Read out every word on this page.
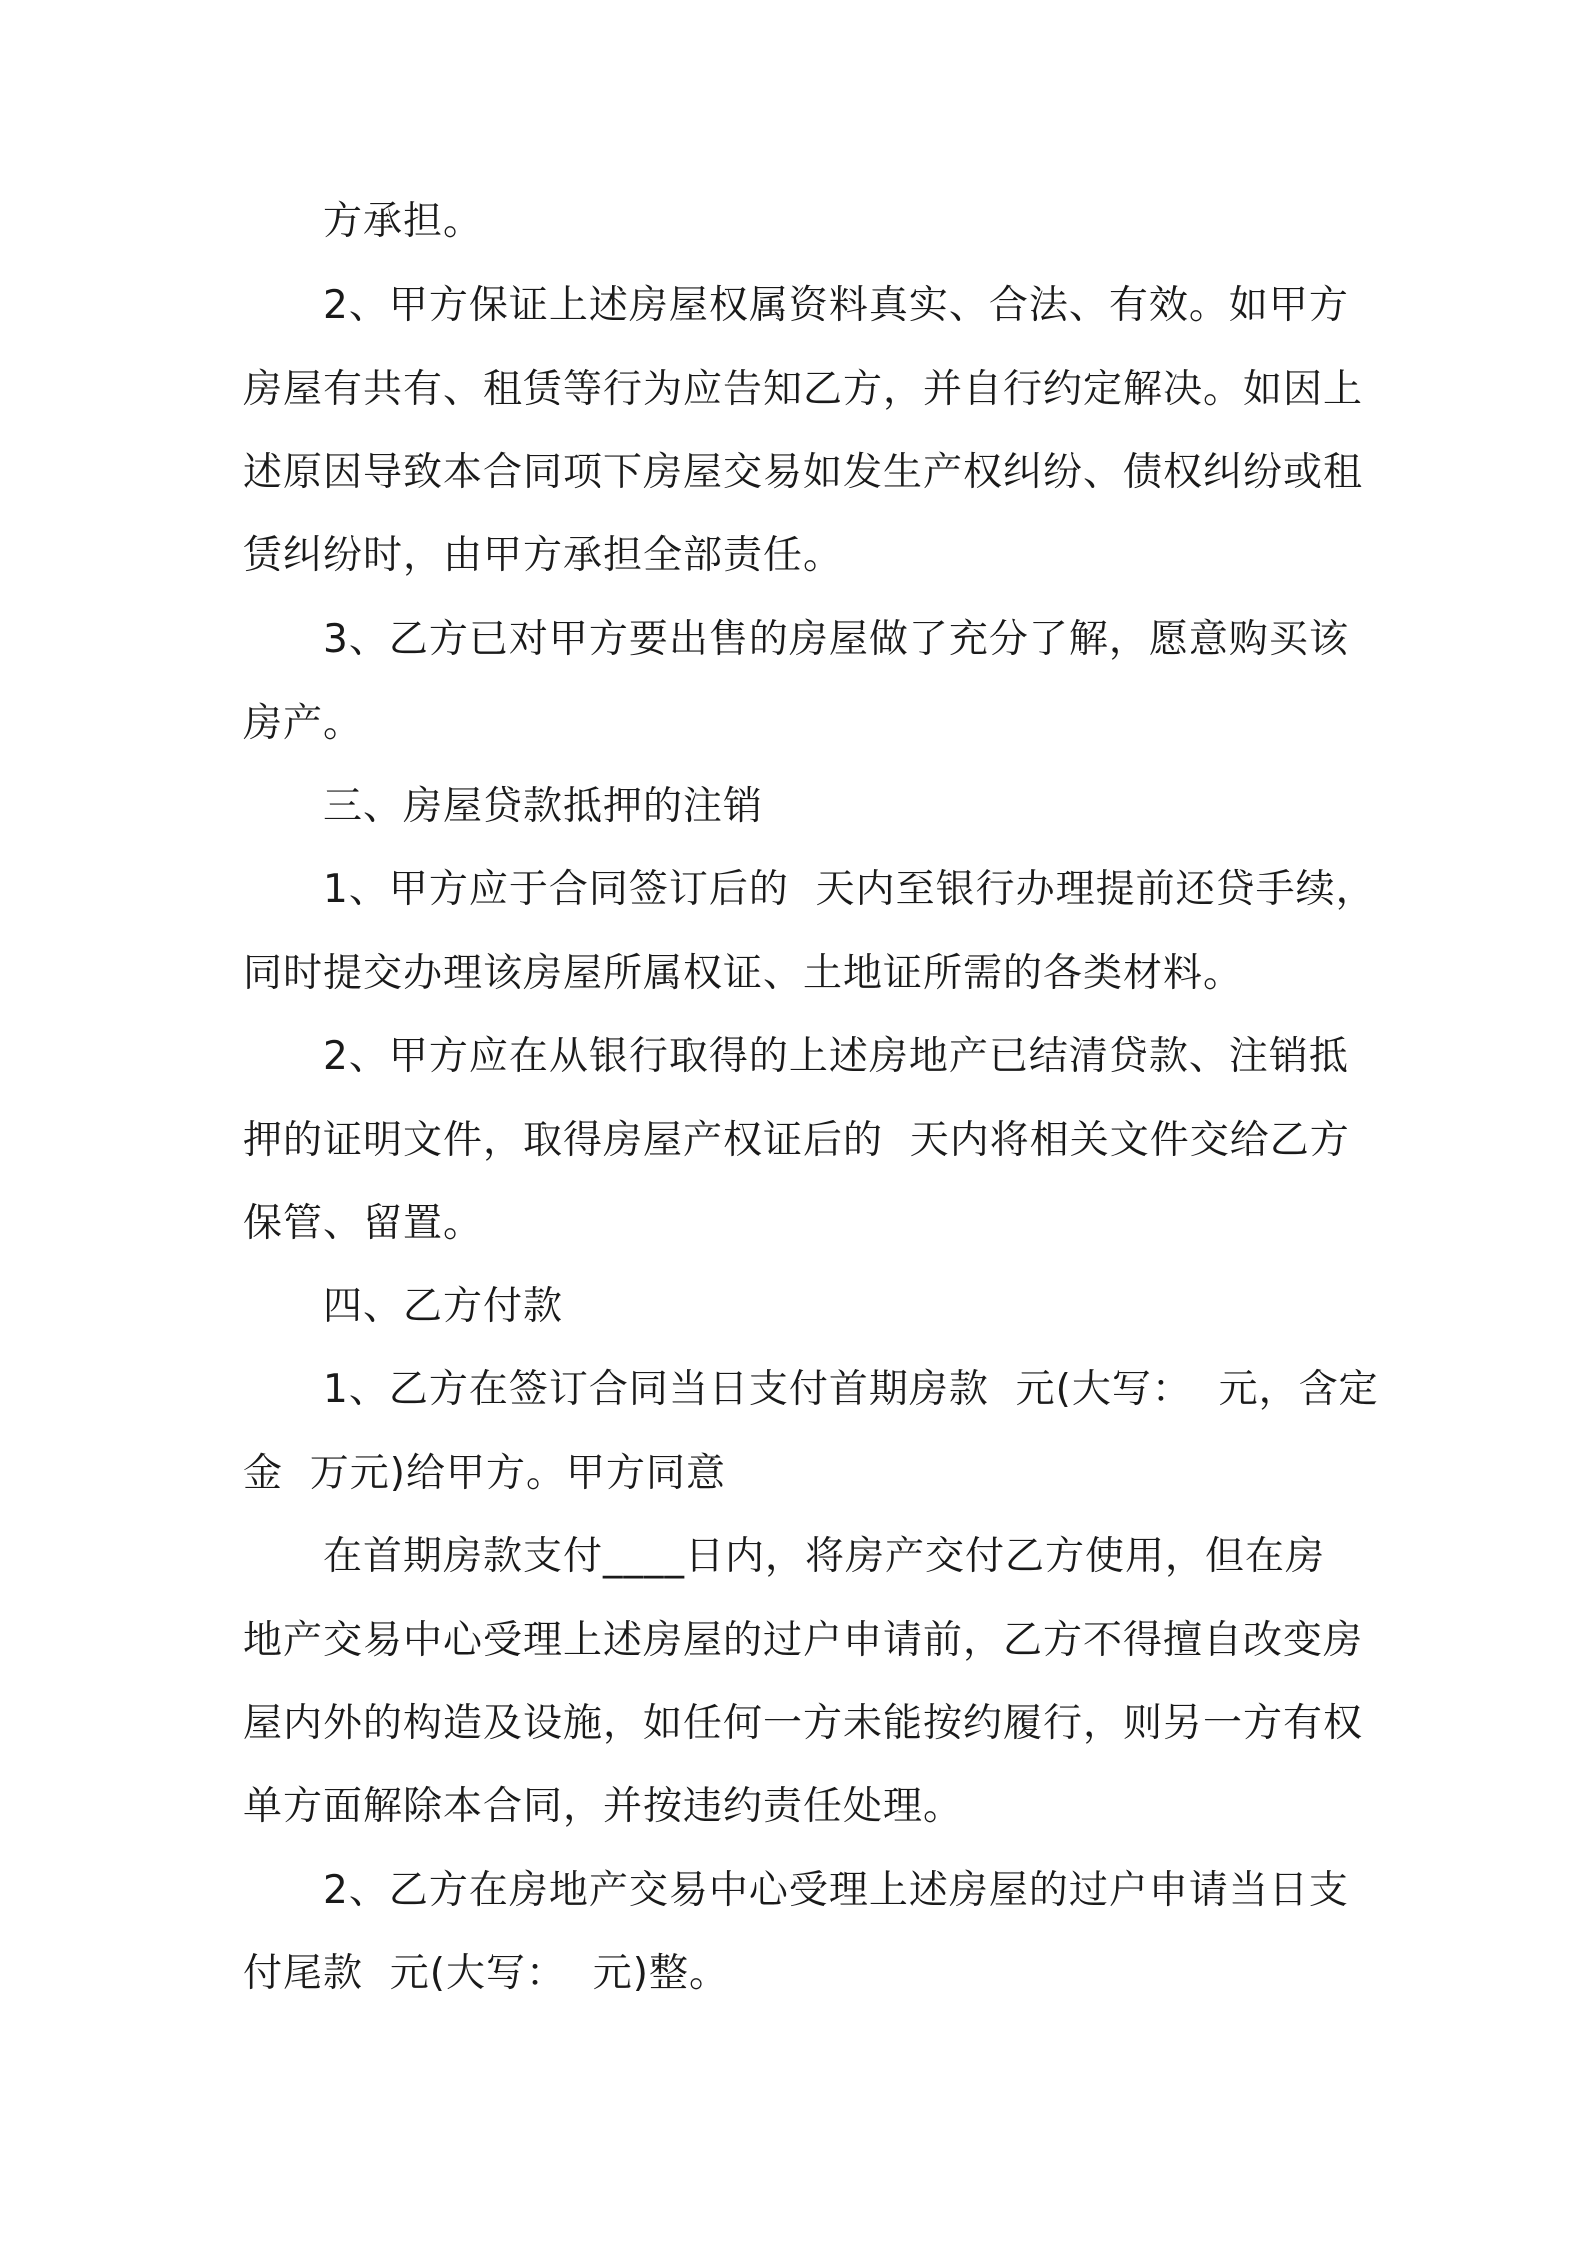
方承担。
2、甲方保证上述房屋权属资料真实、合法、有效。如甲方
房屋有共有、租赁等行为应告知乙方，并自行约定解决。如因上
述原因导致本合同项下房屋交易如发生产权纠纷、债权纠纷或租
赁纠纷时，由甲方承担全部责任。
3、乙方已对甲方要出售的房屋做了充分了解，愿意购买该
房产。
三、房屋贷款抵押的注销
1、甲方应于合同签订后的  天内至银行办理提前还贷手续，
同时提交办理该房屋所属权证、土地证所需的各类材料。
2、甲方应在从银行取得的上述房地产已结清贷款、注销抵
押的证明文件，取得房屋产权证后的  天内将相关文件交给乙方
保管、留置。
四、乙方付款
1、乙方在签订合同当日支付首期房款  元(大写：  元，含定
金  万元)给甲方。甲方同意
在首期房款支付____日内，将房产交付乙方使用，但在房
地产交易中心受理上述房屋的过户申请前，乙方不得擅自改变房
屋内外的构造及设施，如任何一方未能按约履行，则另一方有权
单方面解除本合同，并按违约责任处理。
2、乙方在房地产交易中心受理上述房屋的过户申请当日支
付尾款  元(大写：  元)整。
